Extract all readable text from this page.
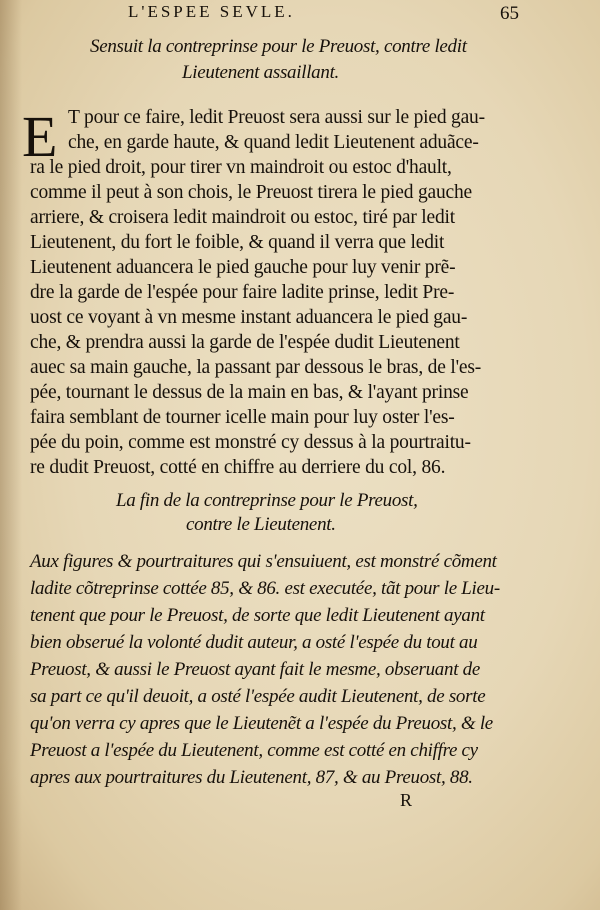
L'ESPEE SEVLE.	65
Sensuit la contreprinse pour le Preuost, contre ledit
Lieutenent assaillant.
E T pour ce faire, ledit Preuost sera aussi sur le pied gau-
che, en garde haute, & quand ledit Lieutenent aduãce-
ra le pied droit, pour tirer vn maindroit ou estoc d'hault,
comme il peut à son chois, le Preuost tirera le pied gauche
arriere, & croisera ledit maindroit ou estoc, tiré par ledit
Lieutenent, du fort le foible, & quand il verra que ledit
Lieutenent aduancera le pied gauche pour luy venir prẽ-
dre la garde de l'espée pour faire ladite prinse, ledit Pre-
uost ce voyant à vn mesme instant aduancera le pied gau-
che, & prendra aussi la garde de l'espée dudit Lieutenent
auec sa main gauche, la passant par dessous le bras, de l'es-
pée, tournant le dessus de la main en bas, & l'ayant prinse
faira semblant de tourner icelle main pour luy oster l'es-
pée du poin, comme est monstré cy dessus à la pourtraitu-
re dudit Preuost, cotté en chiffre au derriere du col, 86.
La fin de la contreprinse pour le Preuost,
contre le Lieutenent.
Aux figures & pourtraitures qui s'ensuiuent, est monstré cõment
ladite cõtreprinse cottée 85, & 86. est executée, tãt pour le Lieu-
tenent que pour le Preuost, de sorte que ledit Lieutenent ayant
bien obserué la volonté dudit auteur, a osté l'espée du tout au
Preuost, & aussi le Preuost ayant fait le mesme, obseruant de
sa part ce qu'il deuoit, a osté l'espée audit Lieutenent, de sorte
qu'on verra cy apres que le Lieutenẽt a l'espée du Preuost, & le
Preuost a l'espée du Lieutenent, comme est cotté en chiffre cy
apres aux pourtraitures du Lieutenent, 87, & au Preuost, 88.
R
